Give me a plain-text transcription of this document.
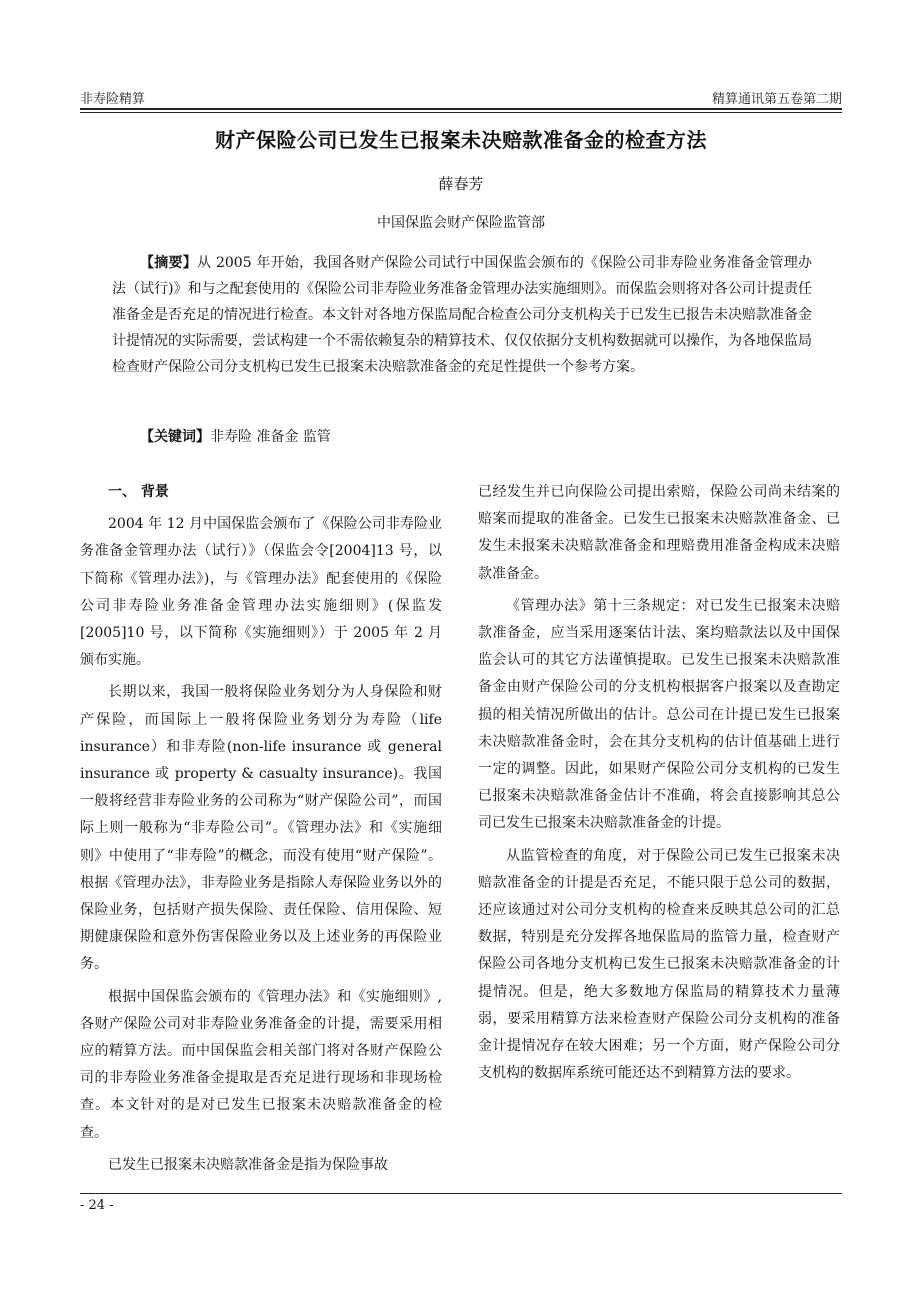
非寿险精算	精算通讯第五卷第二期
财产保险公司已发生已报案未决赔款准备金的检查方法
薛春芳
中国保监会财产保险监管部

【摘要】从 2005 年开始，我国各财产保险公司试行中国保监会颁布的《保险公司非寿险业务准备金管理办法（试行)》和与之配套使用的《保险公司非寿险业务准备金管理办法实施细则》。而保监会则将对各公司计提责任准备金是否充足的情况进行检查。本文针对各地方保监局配合检查公司分支机构关于已发生已报告未决赔款准备金计提情况的实际需要，尝试构建一个不需依赖复杂的精算技术、仅仅依据分支机构数据就可以操作，为各地保监局检查财产保险公司分支机构已发生已报案未决赔款准备金的充足性提供一个参考方案。

【关键词】非寿险 准备金 监管

一、 背景

2004 年 12 月中国保监会颁布了《保险公司非寿险业务准备金管理办法（试行）》（保监会令[2004]13 号，以下简称《管理办法》)，与《管理办法》配套使用的《保险公司非寿险业务准备金管理办法实施细则》(保监发[2005]10 号，以下简称《实施细则》）于 2005 年 2 月颁布实施。

长期以来，我国一般将保险业务划分为人身保险和财产保险，而国际上一般将保险业务划分为寿险（life insurance）和非寿险(non-life insurance 或 general insurance 或 property & casualty insurance)。我国一般将经营非寿险业务的公司称为“财产保险公司”，而国际上则一般称为“非寿险公司”。《管理办法》和《实施细则》中使用了“非寿险”的概念，而没有使用“财产保险”。根据《管理办法》，非寿险业务是指除人寿保险业务以外的保险业务，包括财产损失保险、责任保险、信用保险、短期健康保险和意外伤害保险业务以及上述业务的再保险业务。

根据中国保监会颁布的《管理办法》和《实施细则》,各财产保险公司对非寿险业务准备金的计提，需要采用相应的精算方法。而中国保监会相关部门将对各财产保险公司的非寿险业务准备金提取是否充足进行现场和非现场检查。本文针对的是对已发生已报案未决赔款准备金的检查。

已发生已报案未决赔款准备金是指为保险事故

已经发生并已向保险公司提出索赔，保险公司尚未结案的赔案而提取的准备金。已发生已报案未决赔款准备金、已发生未报案未决赔款准备金和理赔费用准备金构成未决赔款准备金。

《管理办法》第十三条规定：对已发生已报案未决赔款准备金，应当采用逐案估计法、案均赔款法以及中国保监会认可的其它方法谨慎提取。已发生已报案未决赔款准备金由财产保险公司的分支机构根据客户报案以及查勘定损的相关情况所做出的估计。总公司在计提已发生已报案未决赔款准备金时，会在其分支机构的估计值基础上进行一定的调整。因此，如果财产保险公司分支机构的已发生已报案未决赔款准备金估计不准确，将会直接影响其总公司已发生已报案未决赔款准备金的计提。

从监管检查的角度，对于保险公司已发生已报案未决赔款准备金的计提是否充足，不能只限于总公司的数据，还应该通过对公司分支机构的检查来反映其总公司的汇总数据，特别是充分发挥各地保监局的监管力量，检查财产保险公司各地分支机构已发生已报案未决赔款准备金的计提情况。但是，绝大多数地方保监局的精算技术力量薄弱，要采用精算方法来检查财产保险公司分支机构的准备金计提情况存在较大困难；另一个方面，财产保险公司分支机构的数据库系统可能还达不到精算方法的要求。

- 24 -
